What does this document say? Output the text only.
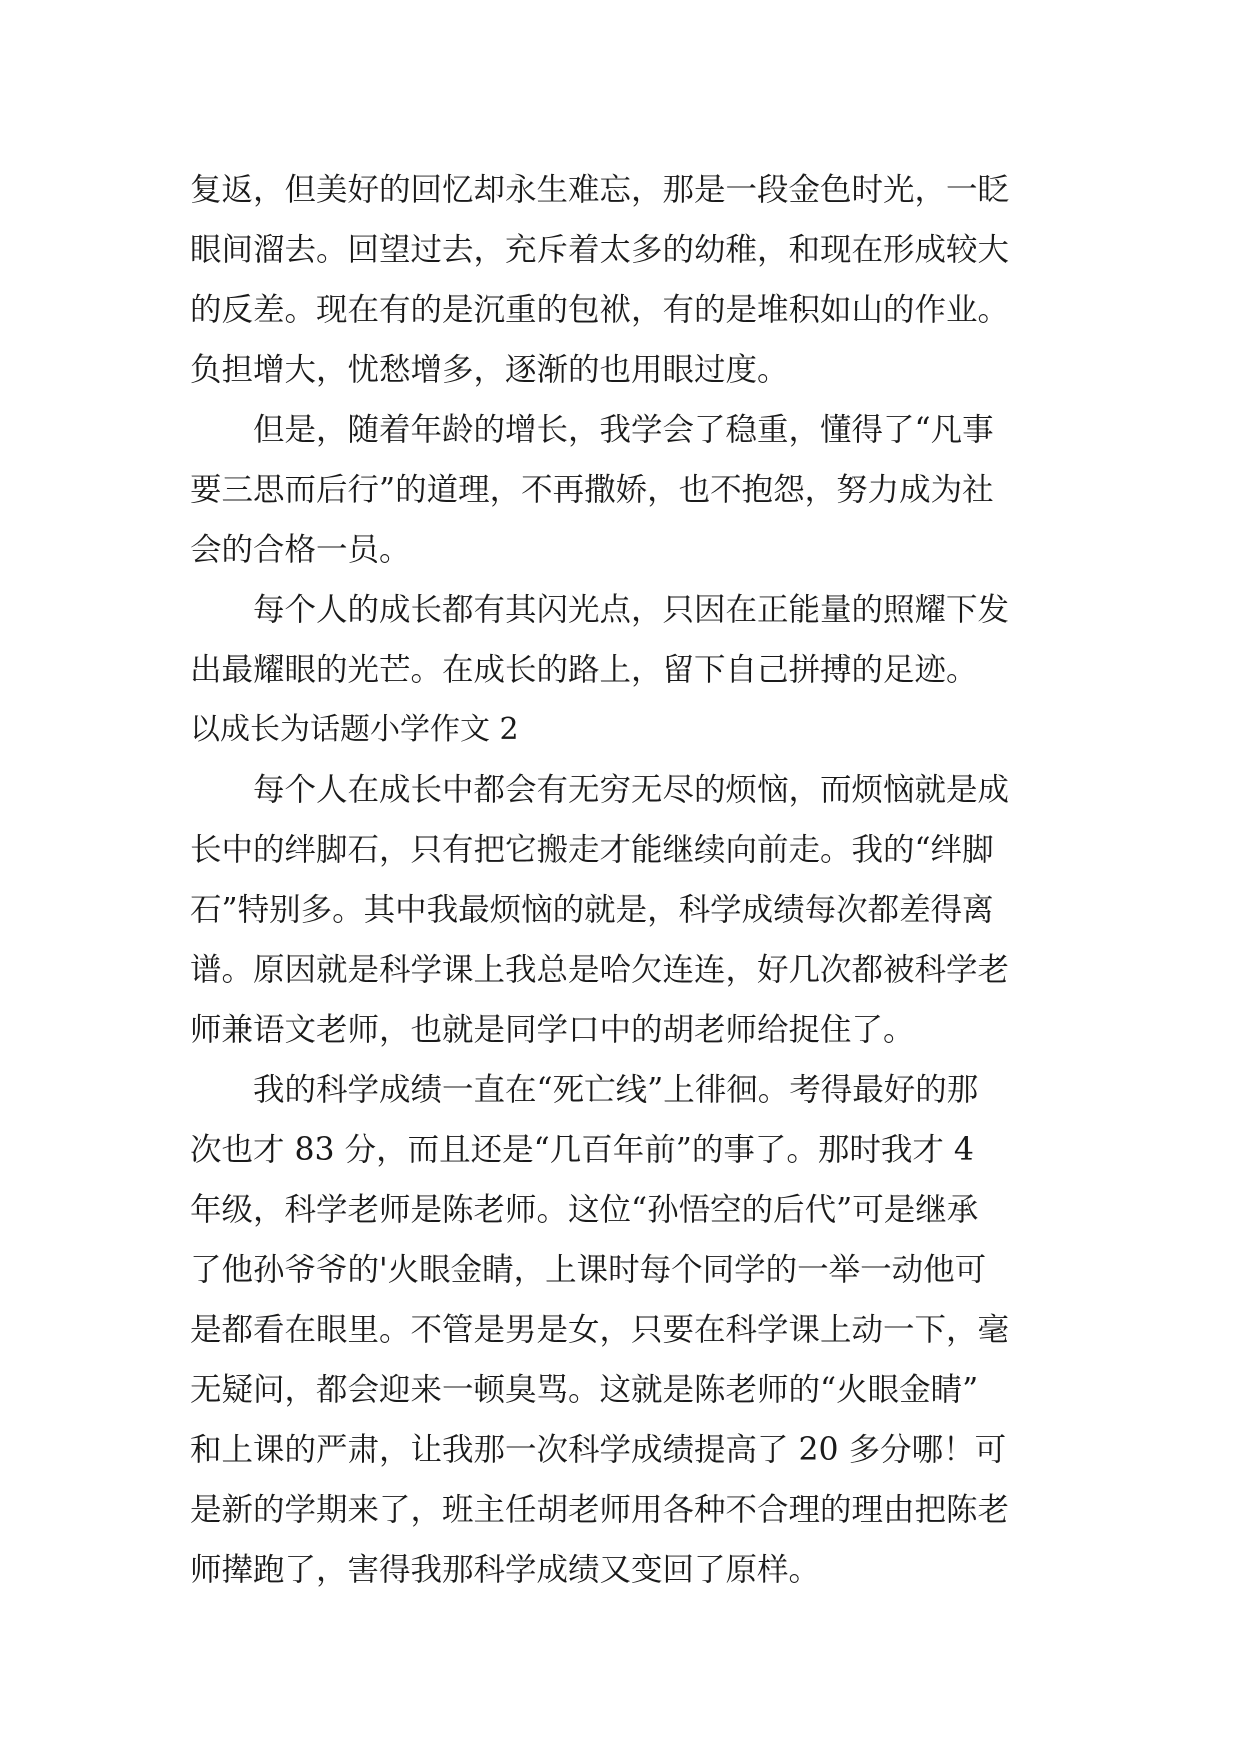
复返，但美好的回忆却永生难忘，那是一段金色时光，一眨
眼间溜去。回望过去，充斥着太多的幼稚，和现在形成较大
的反差。现在有的是沉重的包袱，有的是堆积如山的作业。
负担增大，忧愁增多，逐渐的也用眼过度。
　　但是，随着年龄的增长，我学会了稳重，懂得了“凡事
要三思而后行”的道理，不再撒娇，也不抱怨，努力成为社
会的合格一员。
　　每个人的成长都有其闪光点，只因在正能量的照耀下发
出最耀眼的光芒。在成长的路上，留下自己拼搏的足迹。
以成长为话题小学作文 2
　　每个人在成长中都会有无穷无尽的烦恼，而烦恼就是成
长中的绊脚石，只有把它搬走才能继续向前走。我的“绊脚
石”特别多。其中我最烦恼的就是，科学成绩每次都差得离
谱。原因就是科学课上我总是哈欠连连，好几次都被科学老
师兼语文老师，也就是同学口中的胡老师给捉住了。
　　我的科学成绩一直在“死亡线”上徘徊。考得最好的那
次也才 83 分，而且还是“几百年前”的事了。那时我才 4
年级，科学老师是陈老师。这位“孙悟空的后代”可是继承
了他孙爷爷的'火眼金睛，上课时每个同学的一举一动他可
是都看在眼里。不管是男是女，只要在科学课上动一下，毫
无疑问，都会迎来一顿臭骂。这就是陈老师的“火眼金睛”
和上课的严肃，让我那一次科学成绩提高了 20 多分哪！可
是新的学期来了，班主任胡老师用各种不合理的理由把陈老
师撵跑了，害得我那科学成绩又变回了原样。
